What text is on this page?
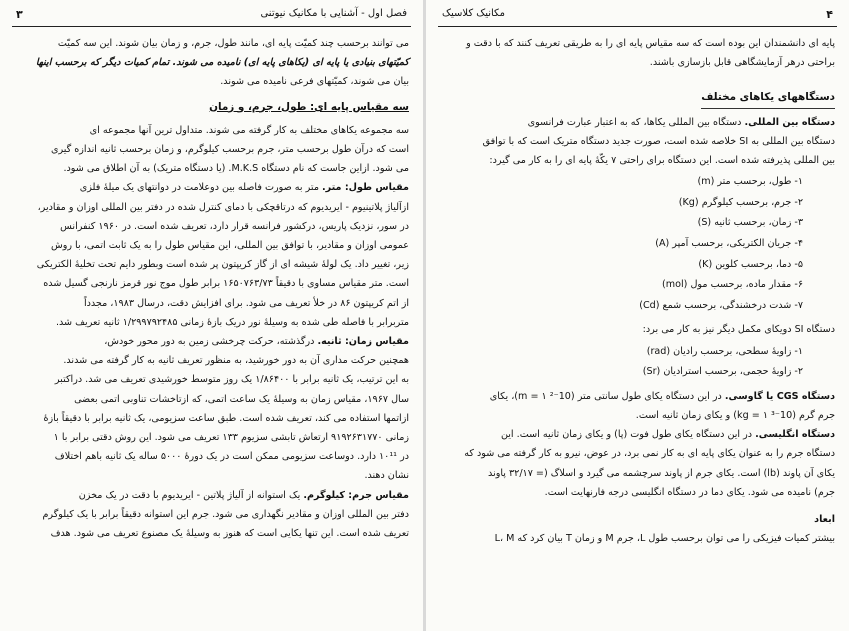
۳	فصل اول - آشنایی با مکانیک نیوتنی

می توانند برحسب چند کمیّت پایه ای، مانند طول، جرم، و زمان بیان شوند. این سه کمیّت

کمیّتهای بنیادی یا پایه ای (یکاهای پایه ای) نامیده می شوند. تمام کمیات دیگر که برحسب اینها

بیان می شوند، کمیّتهای فرعی نامیده می شوند.

سه مقیاس پایه ای: طول، جرم، و زمان

سه مجموعه یکاهای مختلف به کار گرفته می شوند. متداول ترین آنها مجموعه ای

است که درآن طول برحسب متر، جرم برحسب کیلوگرم، و زمان برحسب ثانیه اندازه گیری

می شود. ازاین جاست که نام دستگاه M.K.S. (یا دستگاه متریک) به آن اطلاق می شود.

مقیاس طول: متر. متر به صورت فاصله بین دوعلامت در دوانتهای یک میلهٔ فلزی

ازآلیاژ پلاتینیوم - ایریدیوم که درتاقچکی با دمای کنترل شده در دفتر بین المللی اوزان و مقادیر،

در سور، نزدیک پاریس، درکشور فرانسه قرار دارد، تعریف شده است. در ۱۹۶۰ کنفرانس

عمومی اوزان و مقادیر، با توافق بین المللی، این مقیاس طول را به یک ثابت اتمی، با روش

زیر، تغییر داد. یک لولهٔ شیشه ای از گاز کریپتون پر شده است وبطور دایم تحت تخلیهٔ الکتریکی

است. متر مقیاس مساوی با دقیقاً ۱۶۵۰۷۶۳/۷۳ برابر طول موج نور قرمز نارنجی گسیل شده

از اتم کریپتون ۸۶ در خلأ تعریف می شود. برای افزایش دقت، درسال ۱۹۸۳، مجدداً

متربرابر با فاصله طی شده به وسیلهٔ نور دریک بازهٔ زمانی ۱/۲۹۹۷۹۲۴۸۵ ثانیه تعریف شد.

مقیاس زمان: ثانیه. درگذشته، حرکت چرخشی زمین به دور محور خودش،

همچنین حرکت مداری آن به دور خورشید، به منظور تعریف ثانیه به کار گرفته می شدند.

به این ترتیب، یک ثانیه برابر با ۱/۸۶۴۰۰ یک روز متوسط خورشیدی تعریف می شد. دراکتبر

سال ۱۹۶۷، مقیاس زمان به وسیلهٔ یک ساعت اتمی، که ازتاخشات تناوبی اتمی بعضی

ازاتمها استفاده می کند، تعریف شده است. طبق ساعت سزیومی، یک ثانیه برابر با دقیقاً بازهٔ

زمانی ۹۱۹۲۶۳۱۷۷۰ ارتعاش تابشی سزیوم ۱۳۳ تعریف می شود. این روش دقتی برابر با ۱

در ۱۰¹¹ دارد. دوساعت سزیومی ممکن است در یک دورهٔ ۵۰۰۰ ساله یک ثانیه باهم اختلاف

نشان دهند.

مقیاس جرم: کیلوگرم. یک استوانه از آلیاژ پلاتین - ایریدیوم با دقت در یک مخزن

دفتر بین المللی اوزان و مقادیر نگهداری می شود. جرم این استوانه دقیقاً برابر با یک کیلوگرم

تعریف شده است. این تنها یکایی است که هنوز به وسیلهٔ یک مصنوع تعریف می شود. هدف

۴
مکانیک کلاسیک

پایه ای دانشمندان این بوده است که سه مقیاس پایه ای را به طریقی تعریف کنند که با دقت و

براحتی درهر آزمایشگاهی قابل بازسازی باشند.

دستگاههای یکاهای مختلف

دستگاه بین المللی. دستگاه بین المللی یکاها، که به اعتبار عبارت فرانسوی

دستگاه بین المللی به SI خلاصه شده است، صورت جدید دستگاه متریک است که با توافق

بین المللی پذیرفته شده است. این دستگاه برای راحتی ۷ یکّهٔ پایه ای را به کار می گیرد:

۱- طول، برحسب متر (m)
۲- جرم، برحسب کیلوگرم (Kg)
۳- زمان، برحسب ثانیه (S)
۴- جریان الکتریکی، برحسب آمپر (A)
۵- دما، برحسب کلوین (K)
۶- مقدار ماده، برحسب مول (mol)
۷- شدت درخشندگی، برحسب شمع (Cd)

دستگاه SI دویکای مکمل دیگر نیز به کار می برد:

۱- زاویهٔ سطحی، برحسب رادیان (rad)
۲- زاویهٔ حجمی، برحسب استرادیان (Sr)

دستگاه CGS یا گاوسی. در این دستگاه یکای طول سانتی متر (10⁻² m = ۱)، یکای

جرم گرم (10⁻³ kg = ۱) و یکای زمان ثانیه است.

دستگاه انگلیسی. در این دستگاه یکای طول فوت (پا) و یکای زمان ثانیه است. این

دستگاه جرم را به عنوان یکای پایه ای به کار نمی برد، در عوض، نیرو به کار گرفته می شود که

یکای آن پاوند (lb) است. یکای جرم از پاوند سرچشمه می گیرد و اسلاگ (= ۳۲/۱۷ پاوند

جرم) نامیده می شود. یکای دما در دستگاه انگلیسی درجه فارنهایت است.

ابعاد

بیشتر کمیات فیزیکی را می توان برحسب طول L، جرم M و زمان T بیان کرد که L، M
